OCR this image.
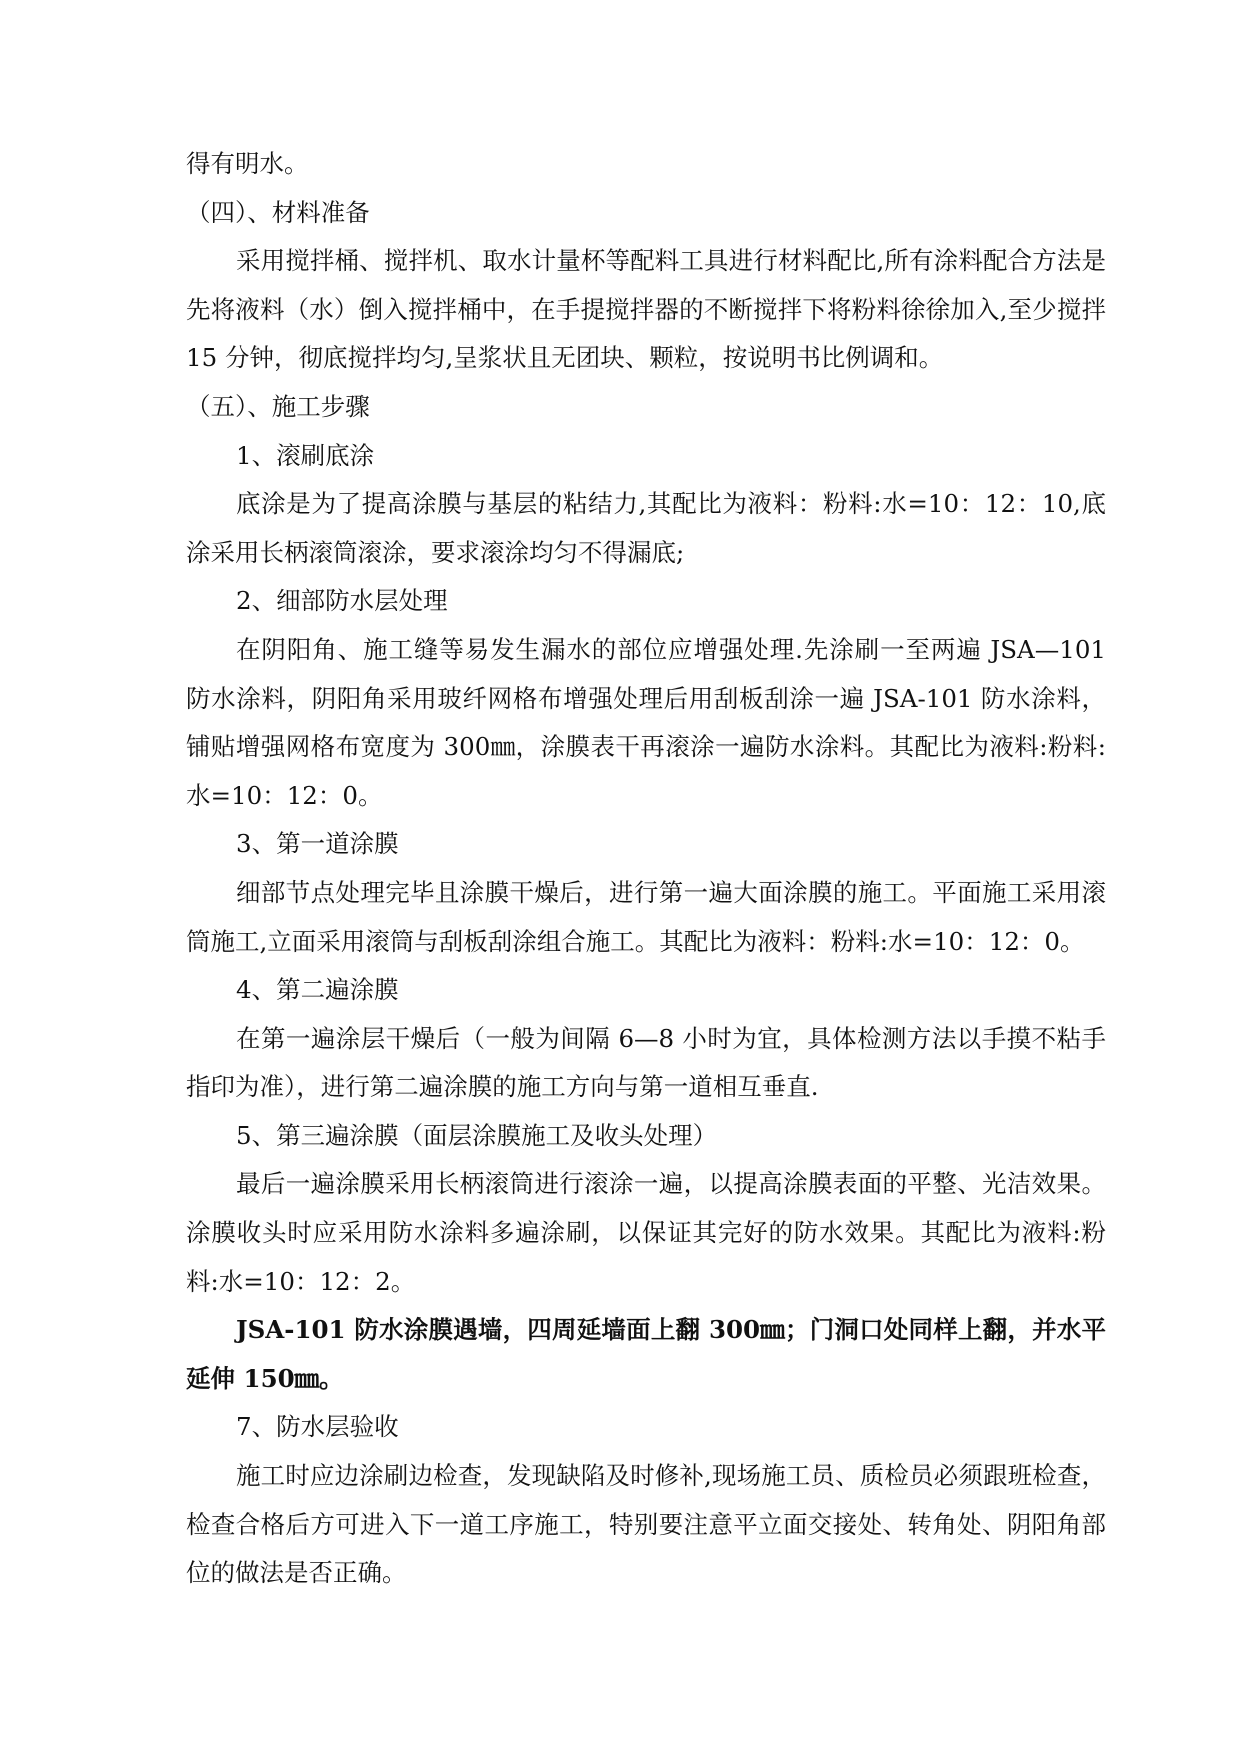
得有明水。

（四）、材料准备

采用搅拌桶、搅拌机、取水计量杯等配料工具进行材料配比,所有涂料配合方法是先将液料（水）倒入搅拌桶中，在手提搅拌器的不断搅拌下将粉料徐徐加入,至少搅拌 15 分钟，彻底搅拌均匀,呈浆状且无团块、颗粒，按说明书比例调和。

（五）、施工步骤

1、滚刷底涂

底涂是为了提高涂膜与基层的粘结力,其配比为液料：粉料:水=10：12：10,底涂采用长柄滚筒滚涂，要求滚涂均匀不得漏底;

2、细部防水层处理

在阴阳角、施工缝等易发生漏水的部位应增强处理.先涂刷一至两遍 JSA—101 防水涂料，阴阳角采用玻纤网格布增强处理后用刮板刮涂一遍 JSA-101 防水涂料，铺贴增强网格布宽度为 300㎜，涂膜表干再滚涂一遍防水涂料。其配比为液料:粉料:水=10：12：0。

3、第一道涂膜

细部节点处理完毕且涂膜干燥后，进行第一遍大面涂膜的施工。平面施工采用滚筒施工,立面采用滚筒与刮板刮涂组合施工。其配比为液料：粉料:水=10：12：0。

4、第二遍涂膜

在第一遍涂层干燥后（一般为间隔 6—8 小时为宜，具体检测方法以手摸不粘手指印为准），进行第二遍涂膜的施工方向与第一道相互垂直.

5、第三遍涂膜（面层涂膜施工及收头处理）

最后一遍涂膜采用长柄滚筒进行滚涂一遍，以提高涂膜表面的平整、光洁效果。涂膜收头时应采用防水涂料多遍涂刷，以保证其完好的防水效果。其配比为液料:粉料:水=10：12：2。

JSA-101 防水涂膜遇墙，四周延墙面上翻 300㎜；门洞口处同样上翻，并水平延伸 150㎜。

7、防水层验收

施工时应边涂刷边检查，发现缺陷及时修补,现场施工员、质检员必须跟班检查，检查合格后方可进入下一道工序施工，特别要注意平立面交接处、转角处、阴阳角部位的做法是否正确。
